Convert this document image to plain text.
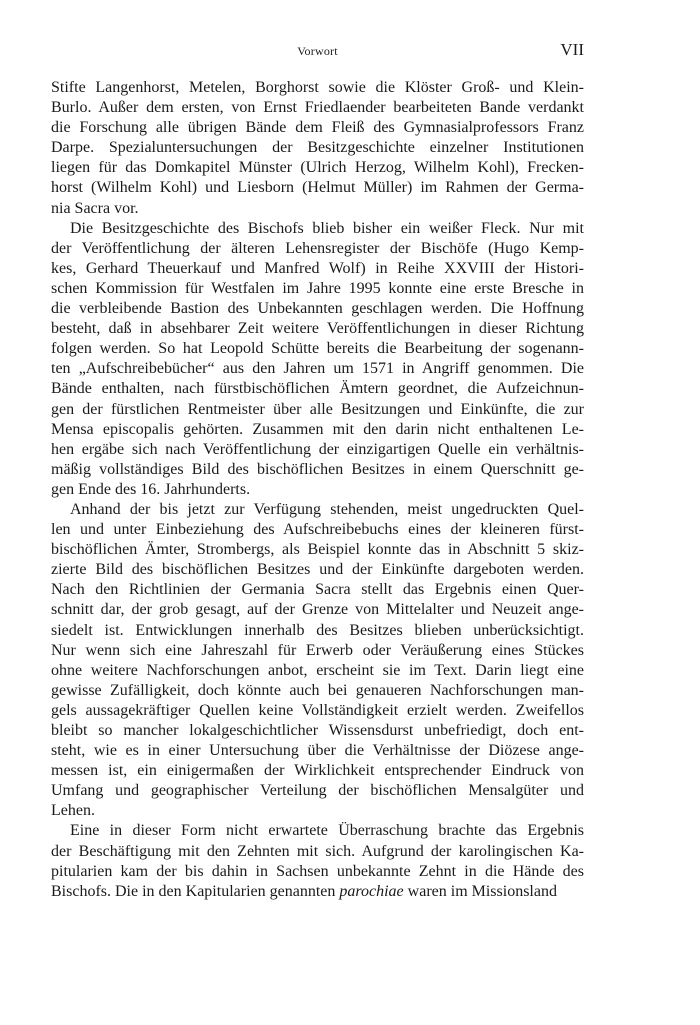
Vorwort	VII
Stifte Langenhorst, Metelen, Borghorst sowie die Klöster Groß- und Klein-
Burlo. Außer dem ersten, von Ernst Friedlaender bearbeiteten Bande verdankt
die Forschung alle übrigen Bände dem Fleiß des Gymnasialprofessors Franz
Darpe. Spezialuntersuchungen der Besitzgeschichte einzelner Institutionen
liegen für das Domkapitel Münster (Ulrich Herzog, Wilhelm Kohl), Frecken-
horst (Wilhelm Kohl) und Liesborn (Helmut Müller) im Rahmen der Germa-
nia Sacra vor.
Die Besitzgeschichte des Bischofs blieb bisher ein weißer Fleck. Nur mit
der Veröffentlichung der älteren Lehensregister der Bischöfe (Hugo Kemp-
kes, Gerhard Theuerkauf und Manfred Wolf) in Reihe XXVIII der Histori-
schen Kommission für Westfalen im Jahre 1995 konnte eine erste Bresche in
die verbleibende Bastion des Unbekannten geschlagen werden. Die Hoffnung
besteht, daß in absehbarer Zeit weitere Veröffentlichungen in dieser Richtung
folgen werden. So hat Leopold Schütte bereits die Bearbeitung der sogenann-
ten „Aufschreibebücher“ aus den Jahren um 1571 in Angriff genommen. Die
Bände enthalten, nach fürstbischöflichen Ämtern geordnet, die Aufzeichnun-
gen der fürstlichen Rentmeister über alle Besitzungen und Einkünfte, die zur
Mensa episcopalis gehörten. Zusammen mit den darin nicht enthaltenen Le-
hen ergäbe sich nach Veröffentlichung der einzigartigen Quelle ein verhältnis-
mäßig vollständiges Bild des bischöflichen Besitzes in einem Querschnitt ge-
gen Ende des 16. Jahrhunderts.
Anhand der bis jetzt zur Verfügung stehenden, meist ungedruckten Quel-
len und unter Einbeziehung des Aufschreibebuchs eines der kleineren fürst-
bischöflichen Ämter, Strombergs, als Beispiel konnte das in Abschnitt 5 skiz-
zierte Bild des bischöflichen Besitzes und der Einkünfte dargeboten werden.
Nach den Richtlinien der Germania Sacra stellt das Ergebnis einen Quer-
schnitt dar, der grob gesagt, auf der Grenze von Mittelalter und Neuzeit ange-
siedelt ist. Entwicklungen innerhalb des Besitzes blieben unberücksichtigt.
Nur wenn sich eine Jahreszahl für Erwerb oder Veräußerung eines Stückes
ohne weitere Nachforschungen anbot, erscheint sie im Text. Darin liegt eine
gewisse Zufälligkeit, doch könnte auch bei genaueren Nachforschungen man-
gels aussagekräftiger Quellen keine Vollständigkeit erzielt werden. Zweifellos
bleibt so mancher lokalgeschichtlicher Wissensdurst unbefriedigt, doch ent-
steht, wie es in einer Untersuchung über die Verhältnisse der Diözese ange-
messen ist, ein einigermaßen der Wirklichkeit entsprechender Eindruck von
Umfang und geographischer Verteilung der bischöflichen Mensalgüter und
Lehen.
Eine in dieser Form nicht erwartete Überraschung brachte das Ergebnis
der Beschäftigung mit den Zehnten mit sich. Aufgrund der karolingischen Ka-
pitularien kam der bis dahin in Sachsen unbekannte Zehnt in die Hände des
Bischofs. Die in den Kapitularien genannten parochiae waren im Missionsland
